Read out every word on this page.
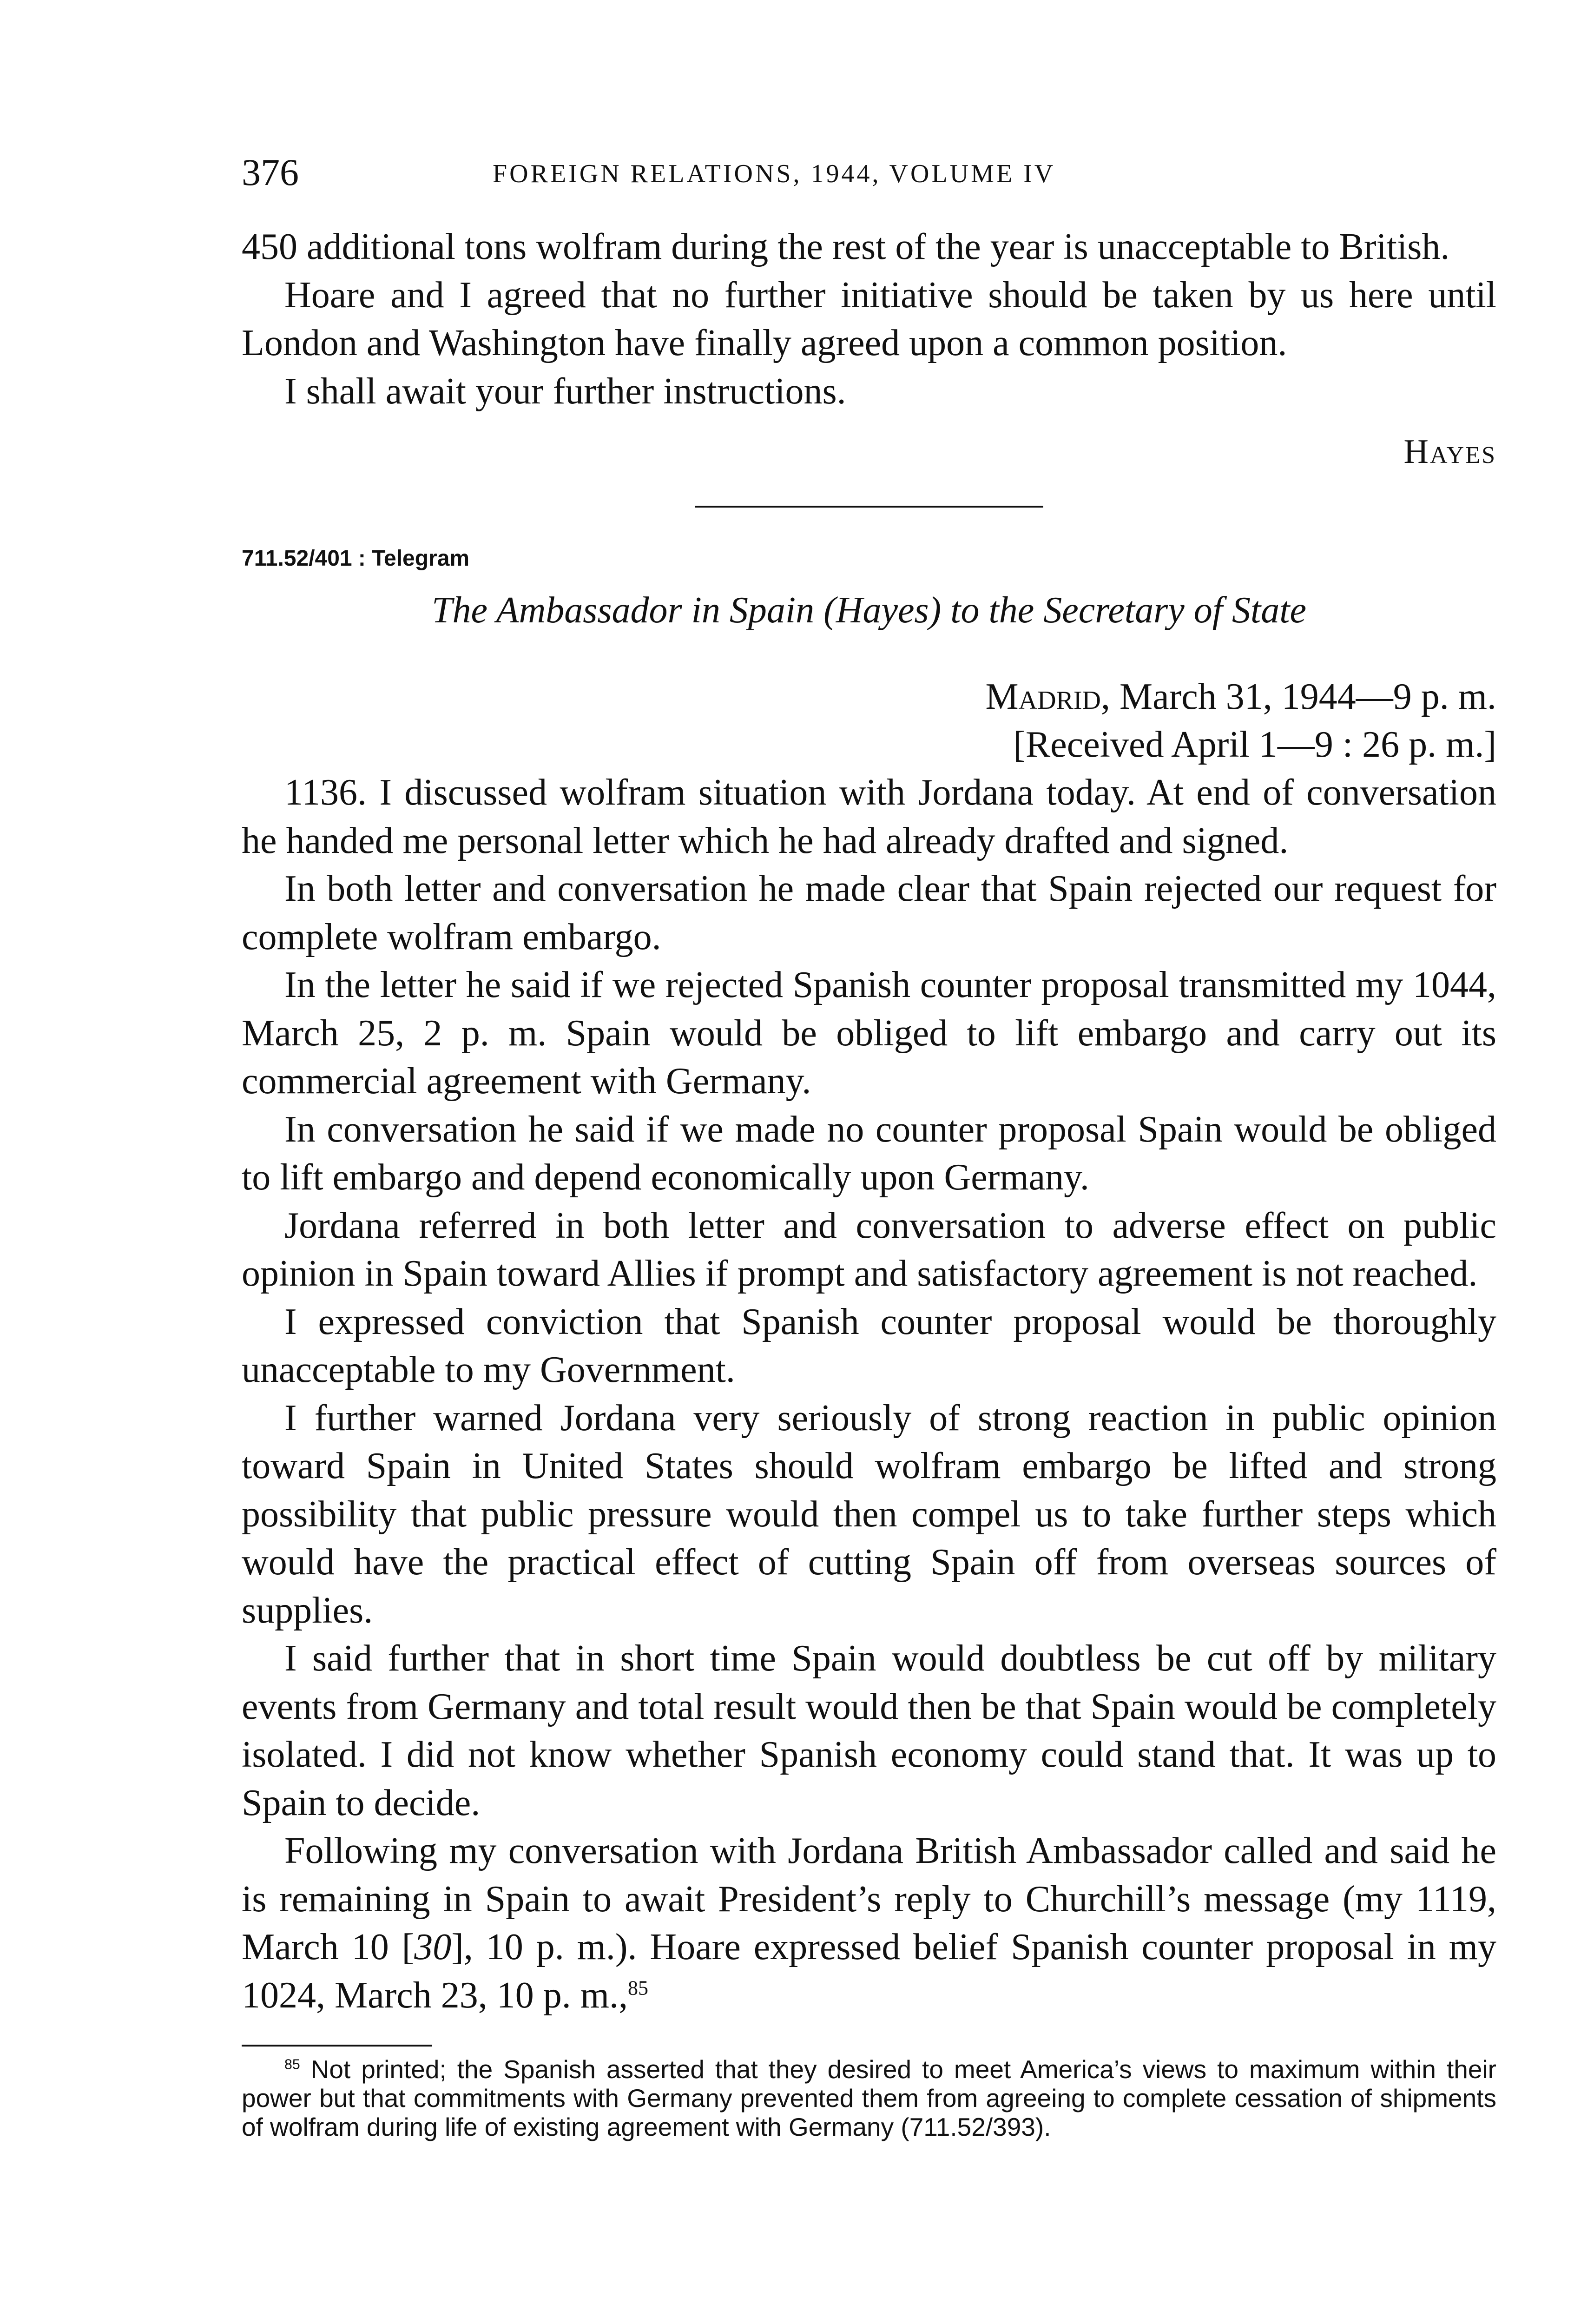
376	FOREIGN RELATIONS, 1944, VOLUME IV

450 additional tons wolfram during the rest of the year is unacceptable to British.

Hoare and I agreed that no further initiative should be taken by us here until London and Washington have finally agreed upon a common position.

I shall await your further instructions.

Hayes
711.52/401 : Telegram
The Ambassador in Spain (Hayes) to the Secretary of State
Madrid, March 31, 1944—9 p. m.
[Received April 1—9 : 26 p. m.]

1136. I discussed wolfram situation with Jordana today. At end of conversation he handed me personal letter which he had already drafted and signed.

In both letter and conversation he made clear that Spain rejected our request for complete wolfram embargo.

In the letter he said if we rejected Spanish counter proposal transmitted my 1044, March 25, 2 p. m. Spain would be obliged to lift embargo and carry out its commercial agreement with Germany.

In conversation he said if we made no counter proposal Spain would be obliged to lift embargo and depend economically upon Germany.

Jordana referred in both letter and conversation to adverse effect on public opinion in Spain toward Allies if prompt and satisfactory agreement is not reached.

I expressed conviction that Spanish counter proposal would be thoroughly unacceptable to my Government.

I further warned Jordana very seriously of strong reaction in public opinion toward Spain in United States should wolfram embargo be lifted and strong possibility that public pressure would then compel us to take further steps which would have the practical effect of cutting Spain off from overseas sources of supplies.

I said further that in short time Spain would doubtless be cut off by military events from Germany and total result would then be that Spain would be completely isolated. I did not know whether Spanish economy could stand that. It was up to Spain to decide.

Following my conversation with Jordana British Ambassador called and said he is remaining in Spain to await President’s reply to Churchill’s message (my 1119, March 10 [30], 10 p. m.). Hoare expressed belief Spanish counter proposal in my 1024, March 23, 10 p. m.,$^{85}$

$^{85}$ Not printed; the Spanish asserted that they desired to meet America’s views to maximum within their power but that commitments with Germany prevented them from agreeing to complete cessation of shipments of wolfram during life of existing agreement with Germany (711.52/393).
